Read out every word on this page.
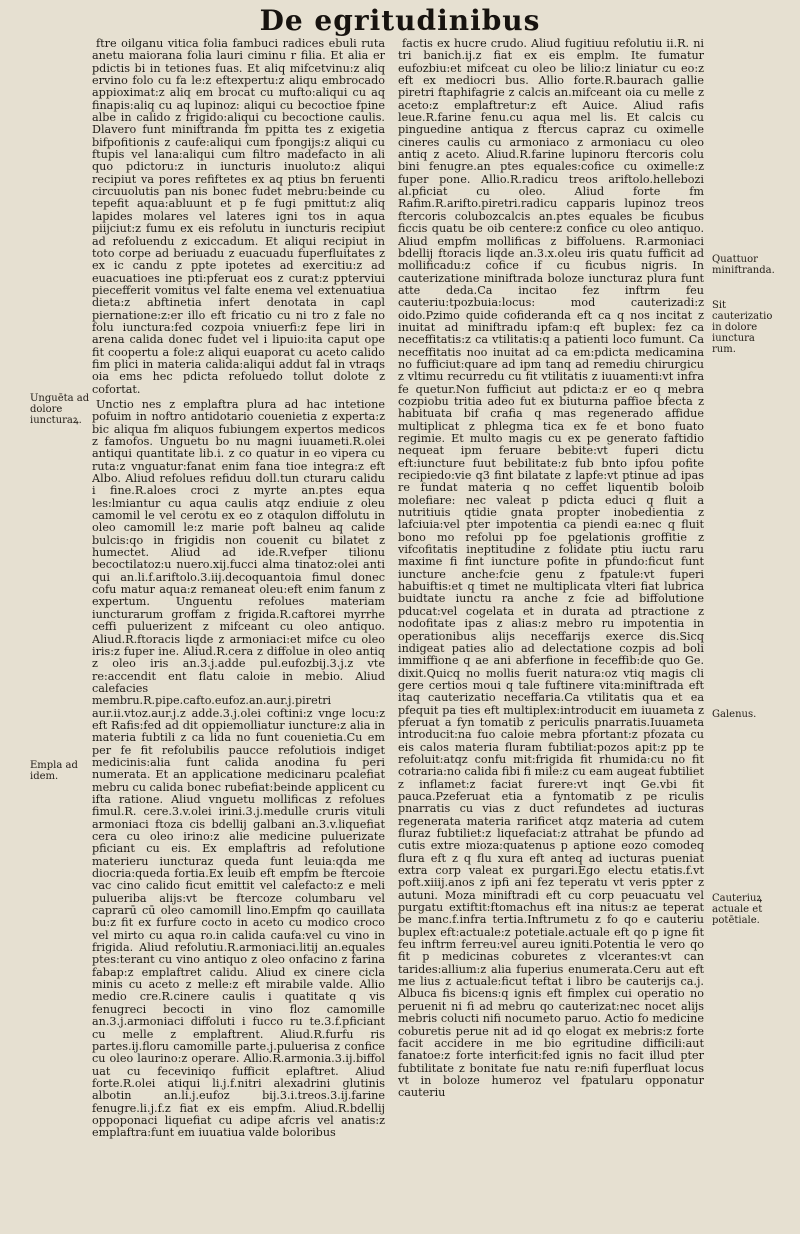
De egritudinibus

ftre oilganu vitica folia fambuci radices ebuli ruta anetu maiorana folia lauri ciminu r filia. Et alia er pdictis bi in tetiones fuas. Et aliq mifcetvinu:z aliq ervino folo cu fa le:z eftexpertu:z aliqu embrocado appioximat:z aliq em brocat cu mufto:aliqui cu aq finapis:aliq cu aq lupinoz: aliqui cu becoctioe fpine albe in calido z frigido:aliqui cu becoctione caulis. Dlavero funt miniftranda fm ppitta tes z exigetia bifpofitionis z caufe:aliqui cum fpongijs:z aliqui cu ftupis vel lana:aliqui cum filtro madefacto in ali quo pdictoru:z in iuncturis inuoluto:z aliqui recipiut va pores refiftetes ex aq ptius bn feruenti circuuolutis pan nis bonec fudet mebru:beinde cu tepefit aqua:abluunt et p fe fugi pmittut:z aliq lapides molares vel lateres igni tos in aqua piijciut:z fumu ex eis refolutu in iuncturis recipiut ad refoluendu z exiccadum. Et aliqui recipiut in toto corpe ad beriuadu z euacuadu fuperfluitates z ex ic candu z ppte ipotetes ad exercitiu:z ad euacuatioes ine pti:pferuat eos z curat:z ppterviui piecefferit vomitus vel falte enema vel extenuatiua dieta:z abftinetia infert denotata in capl piernatione:z:er illo eft fricatio cu ni tro z fale no folu iunctura:fed cozpoia vniuerfi:z fepe liri in arena calida donec fudet vel i lipuio:ita caput ope fit coopertu a fole:z aliqui euaporat cu aceto calido fim plici in materia calida:aliqui addut fal in vtraqs oia ems hec pdicta refoluedo tollut dolote z cofortat.

Unctio nes z emplaftra plura ad hac intetione pofuim in noftro antidotario couenietia z experta:z bic aliqua fm aliquos fubiungem expertos medicos z famofos. Unguetu bo nu magni iuuameti.R.olei antiqui quantitate lib.i. z co quatur in eo vipera cu ruta:z vnguatur:fanat enim fana tioe integra:z eft Albo. Aliud refolues refiduu doll.tun cturaru calidu i fine.R.aloes croci z myrte an.ptes equa les:lmiantur cu aqua caulis atqz endiuie z oleu camomil le vel cerotu ex eo z otaqulon diffolutu in oleo camomill le:z marie poft balneu aq calide bulcis:qo in frigidis non couenit cu bilatet z humectet. Aliud ad ide.R.vefper tilionu becoctilatoz:u nuero.xij.fucci alma tinatoz:olei anti qui an.li.f.ariftolo.3.iij.decoquantoia fimul donec cofu matur aqua:z remaneat oleu:eft enim fanum z expertum. Unguentu refolues materiam iuncturarum groffam z frigida.R.caftorei myrrhe ceffi puluerizent z mifceant cu oleo antiquo. Aliud.R.ftoracis liqde z armoniaci:et mifce cu oleo iris:z fuper ine. Aliud.R.cera z diffolue in oleo antiq z oleo iris an.3.j.adde pul.eufozbij.3.j.z vte re:accendit ent flatu caloie in mebio. Aliud calefacies membru.R.pipe.cafto.eufoz.an.aur.j.piretri aur.ii.vtoz.aur.j.z adde.3.j.olei coftini:z vnge locu:z eft Rafis:fed ad dit oppiemolliatur iuncture:z alia in materia fubtili z ca lida no funt couenietia.Cu em per fe fit refolubilis paucce refolutiois indiget medicinis:alia funt calida anodina fu peri numerata. Et an applicatione medicinaru pcalefiat mebru cu calida bonec rubefiat:beinde applicent cu ifta ratione. Aliud vnguetu mollificas z refolues fimul.R. cere.3.v.olei irini.3.j.medulle cruris vituli armoniaci ftoza cis bdellij galbani an.3.v.liquefiat cera cu oleo irino:z alie medicine puluerizate pficiant cu eis. Ex emplaftris ad refolutione materieru iuncturaz queda funt leuia:qda me diocria:queda fortia.Ex leuib eft empfm be ftercoie vac cino calido ficut emittit vel calefacto:z e meli pulueriba alijs:vt be ftercoze columbaru vel caprarū cū oleo camomill lino.Empfm qo cauillata bu:z fit ex furfure cocto in aceto cu modico croco vel mirto cu aqua ro.in calida caufa:vel cu vino in frigida. Aliud refolutiu.R.armoniaci.litij an.equales ptes:terant cu vino antiquo z oleo onfacino z farina fabap:z emplaftret calidu. Aliud ex cinere cicla minis cu aceto z melle:z eft mirabile valde. Allio medio cre.R.cinere caulis i quatitate q vis fenugreci becocti in vino floz camomille an.3.j.armoniaci diffoluti i fucco ru te.3.f.pficiant cu melle z emplaftrent. Aliud.R.furfu ris partes.ij.floru camomille parte.j.puluerisa z confice cu oleo laurino:z operare. Allio.R.armonia.3.ij.biffol uat cu feceviniqo fufficit eplaftret. Aliud forte.R.olei atiqui li.j.f.nitri alexadrini glutinis albotin an.li.j.eufoz bij.3.i.treos.3.ij.farine fenugre.li.j.f.z fiat ex eis empfm. Aliud.R.bdellij oppoponaci liquefiat cu adipe afcris vel anatis:z emplaftra:funt em iuuatiua valde boloribus

factis ex hucre crudo. Aliud fugitiuu refolutiu ii.R. ni tri banich.ij.z fiat ex eis emplm. Ite fumatur eufozbiu:et mifceat cu oleo be lilio:z liniatur cu eo:z eft ex mediocri bus. Allio forte.R.baurach gallie piretri ftaphifagrie z calcis an.mifceant oia cu melle z aceto:z emplaftretur:z eft Auice. Aliud rafis leue.R.farine fenu.cu aqua mel lis. Et calcis cu pinguedine antiqua z ftercus capraz cu oximelle cineres caulis cu armoniaco z armoniacu cu oleo antiq z aceto. Aliud.R.farine lupinoru ftercoris colu bini fenugre.an ptes equales:cofice cu oximelle:z fuper pone. Allio.R.radicu treos ariftolo.hellebozi al.pficiat cu oleo. Aliud forte fm Rafim.R.arifto.piretri.radicu capparis lupinoz treos ftercoris colubozcalcis an.ptes equales be ficubus ficcis quatu be oib centere:z confice cu oleo antiquo. Aliud empfm mollificas z biffoluens. R.armoniaci bdellij ftoracis liqde an.3.x.oleu iris quatu fufficit ad mollificadu:z cofice if cu ficubus nigris. In cauterizatione miniftrada boloze iuncturaz plura funt atte deda.Ca incitao fez inftrm feu cauteriu:tpozbuia:locus: mod cauterizadi:z oido.Pzimo quide cofideranda eft ca q nos incitat z inuitat ad miniftradu ipfam:q eft buplex: fez ca neceffitatis:z ca vtilitatis:q a patienti loco fumunt. Ca neceffitatis noo inuitat ad ca em:pdicta medicamina no fufficiut:quare ad ipm tanq ad remediu chirurgicu z vltimu recurredu cu fit vtilitatis z iuuamenti:vt infra fe quetur.Non fufficiut aut pdicta:z er eo q mebra cozpiobu tritia adeo fut ex biuturna paffioe bfecta z habituata bif crafia q mas regenerado affidue multiplicat z phlegma tica ex fe et bono fuato regimie. Et multo magis cu ex pe generato faftidio nequeat ipm feruare bebite:vt fuperi dictu eft:iuncture fuut bebilitate:z fub bnto ipfou pofite recipiedo:vie q3 fint bilatate z lapfe:vt ptinue ad ipas re fundat materia q no ceffet liquentib boloib molefiare: nec valeat p pdicta educi q fluit a nutritiuis qtidie gnata propter inobedientia z lafciuia:vel pter impotentia ca piendi ea:nec q fluit bono mo refolui pp foe pgelationis groffitie z vifcofitatis ineptitudine z folidate ptiu iuctu raru maxime fi fint iuncture pofite in pfundo:ficut funt iuncture anche:fcie genu z fpatule:vt fuperi habuiftis:et q timet ne multiplicata vlteri fiat lubrica buidtate iunctu ra anche z fcie ad biffolutione pducat:vel cogelata et in durata ad ptractione z nodofitate ipas z alias:z mebro ru impotentia in operationibus alijs neceffarijs exerce dis.Sicq indigeat paties alio ad delectatione cozpis ad boli immiffione q ae ani abferfione in feceffib:de quo Ge. dixit.Quicq no mollis fuerit natura:oz vtiq magis cli gere certios moui q tale fuftinere vita:miniftrada eft itaq cauterizatio neceffaria.Ca vtilitatis qua et ea pfequit pa ties eft multiplex:introducit em iuuameta z pferuat a fyn tomatib z periculis pnarratis.Iuuameta introducit:na fuo caloie mebra pfortant:z pfozata cu eis calos materia fluram fubtiliat:pozos apit:z pp te refoluit:atqz confu mit:frigida fit rhumida:cu no fit cotraria:no calida fibi fi mile:z cu eam augeat fubtiliet z inflamet:z faciat furere:vt inqt Ge.vbi fit pauca.Pzeferuat etia a fyntomatib z pe riculis pnarratis cu vias z duct refundetes ad iucturas regenerata materia rarificet atqz materia ad cutem fluraz fubtiliet:z liquefaciat:z attrahat be pfundo ad cutis extre mioza:quatenus p aptione eozo comodeq flura eft z q flu xura eft anteq ad iucturas pueniat extra corp valeat ex purgari.Ego electu etatis.f.vt poft.xiiij.anos z ipfi ani fez teperatu vt veris ppter z autuni. Moza miniftradi eft cu corp peuacuatu vel purgatu extiftit:ftomachus eft ina nitus:z ae teperat be manc.f.infra tertia.Inftrumetu z fo qo e cauteriu buplex eft:actuale:z potetiale.actuale eft qo p igne fit feu inftrm ferreu:vel aureu igniti.Potentia le vero qo fit p medicinas coburetes z vlcerantes:vt can tarides:allium:z alia fuperius enumerata.Ceru aut eft me lius z actuale:ficut teftat i libro be cauterijs ca.j. Albuca fis bicens:q ignis eft fimplex cui operatio no peruenit ni fi ad mebru qo cauterizat:nec nocet alijs mebris colucti nifi nocumeto paruo. Actio fo medicine coburetis perue nit ad id qo elogat ex mebris:z forte facit accidere in me bio egritudine difficili:aut fanatoe:z forte interficit:fed ignis no facit illud pter fubtilitate z bonitate fue natu re:nifi fuperfluat locus vt in boloze humeroz vel fpatularu opponatur cauteriu

Unguēta ad dolore iuncturaꝝ.
Empla ad idem.
Quattuor miniftranda.
Sit cauterizatio in dolore iunctura rum.
Galenus.
Cauteriuꝝ actuale et potētiale.
